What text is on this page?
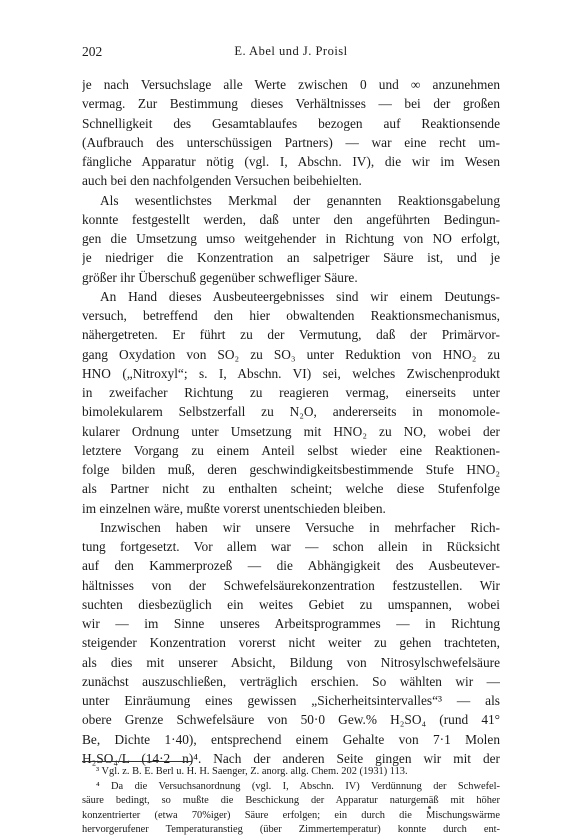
202	E. Abel und J. Proisl
je nach Versuchslage alle Werte zwischen 0 und ∞ anzunehmen
vermag. Zur Bestimmung dieses Verhältnisses — bei der großen
Schnelligkeit des Gesamtablaufes bezogen auf Reaktionsende
(Aufbrauch des unterschüssigen Partners) — war eine recht um-
fängliche Apparatur nötig (vgl. I, Abschn. IV), die wir im Wesen
auch bei den nachfolgenden Versuchen beibehielten.
Als wesentlichstes Merkmal der genannten Reaktionsgabelung
konnte festgestellt werden, daß unter den angeführten Bedingun-
gen die Umsetzung umso weitgehender in Richtung von NO erfolgt,
je niedriger die Konzentration an salpetriger Säure ist, und je
größer ihr Überschuß gegenüber schwefliger Säure.
An Hand dieses Ausbeuteergebnisses sind wir einem Deutungs-
versuch, betreffend den hier obwaltenden Reaktionsmechanismus,
nähergetreten. Er führt zu der Vermutung, daß der Primärvor-
gang Oxydation von SO₂ zu SO₃ unter Reduktion von HNO₂ zu
HNO („Nitroxyl“; s. I, Abschn. VI) sei, welches Zwischenprodukt
in zweifacher Richtung zu reagieren vermag, einerseits unter
bimolekularem Selbstzerfall zu N₂O, andererseits in monomole-
kularer Ordnung unter Umsetzung mit HNO₂ zu NO, wobei der
letztere Vorgang zu einem Anteil selbst wieder eine Reaktionen-
folge bilden muß, deren geschwindigkeitsbestimmende Stufe HNO₂
als Partner nicht zu enthalten scheint; welche diese Stufenfolge
im einzelnen wäre, mußte vorerst unentschieden bleiben.
Inzwischen haben wir unsere Versuche in mehrfacher Rich-
tung fortgesetzt. Vor allem war — schon allein in Rücksicht
auf den Kammerprozeß — die Abhängigkeit des Ausbeutever-
hältnisses von der Schwefelsäurekonzentration festzustellen. Wir
suchten diesbezüglich ein weites Gebiet zu umspannen, wobei
wir — im Sinne unseres Arbeitsprogrammes — in Richtung
steigender Konzentration vorerst nicht weiter zu gehen trachteten,
als dies mit unserer Absicht, Bildung von Nitrosylschwefelsäure
zunächst auszuschließen, verträglich erschien. So wählten wir —
unter Einräumung eines gewissen „Sicherheitsintervalles“³ — als
obere Grenze Schwefelsäure von 50·0 Gew.% H₂SO₄ (rund 41°
Be, Dichte 1·40), entsprechend einem Gehalte von 7·1 Molen
H₂SO₄/L (14·2 n)⁴. Nach der anderen Seite gingen wir mit der
³ Vgl. z. B. E. Berl u. H. H. Saenger, Z. anorg. allg. Chem. 202 (1931) 113.
⁴ Da die Versuchsanordnung (vgl. I, Abschn. IV) Verdünnung der Schwefel-
säure bedingt, so mußte die Beschickung der Apparatur naturgemäß mit höher
konzentrierter (etwa 70%iger) Säure erfolgen; ein durch die Mischungswärme
hervorgerufener Temperaturanstieg (über Zimmertemperatur) konnte durch ent-
